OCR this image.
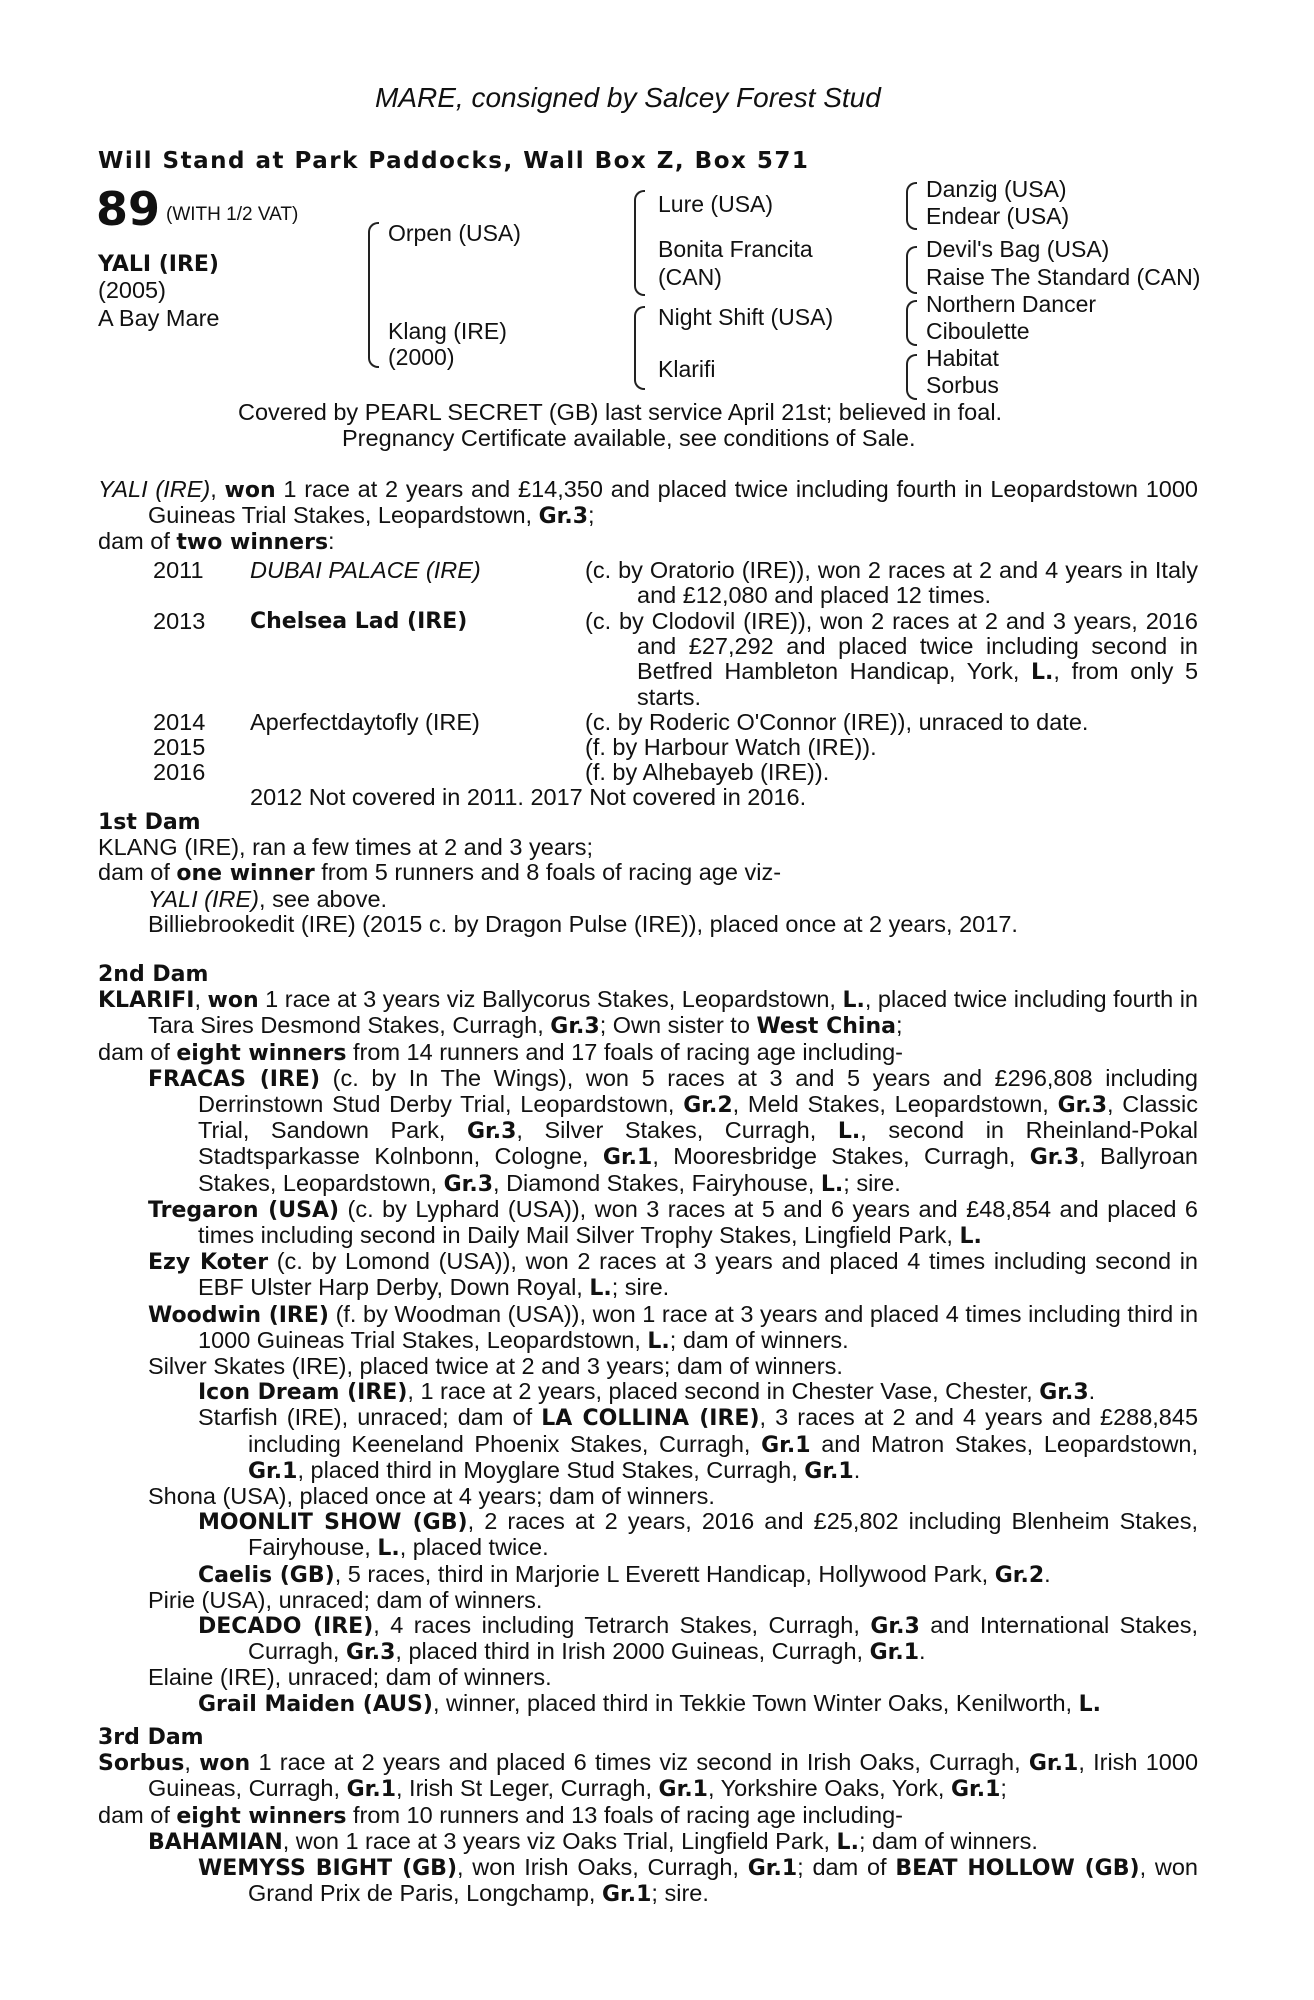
MARE, consigned by Salcey Forest Stud
Will Stand at Park Paddocks, Wall Box Z, Box 571
89 (WITH 1/2 VAT)
YALI (IRE)
(2005)
A Bay Mare
Orpen (USA)
Klang (IRE)
(2000)
Lure (USA)
Bonita Francita
(CAN)
Night Shift (USA)
Klarifi
Danzig (USA)
Endear (USA)
Devil's Bag (USA)
Raise The Standard (CAN)
Northern Dancer
Ciboulette
Habitat
Sorbus
Covered by PEARL SECRET (GB) last service April 21st; believed in foal.
Pregnancy Certificate available, see conditions of Sale.

YALI (IRE), won 1 race at 2 years and £14,350 and placed twice including fourth in Leopardstown 1000 Guineas Trial Stakes, Leopardstown, Gr.3;

dam of two winners:

2011 DUBAI PALACE (IRE)	(c. by Oratorio (IRE)), won 2 races at 2 and 4 years in Italy and £12,080 and placed 12 times.
2013 Chelsea Lad (IRE)	(c. by Clodovil (IRE)), won 2 races at 2 and 3 years, 2016 and £27,292 and placed twice including second in Betfred Hambleton Handicap, York, L., from only 5 starts.
2014 Aperfectdaytofly (IRE)	(c. by Roderic O'Connor (IRE)), unraced to date.
2015	(f. by Harbour Watch (IRE)).
2016	(f. by Alhebayeb (IRE)).
2012 Not covered in 2011. 2017 Not covered in 2016.

1st Dam

KLANG (IRE), ran a few times at 2 and 3 years;

dam of one winner from 5 runners and 8 foals of racing age viz-

YALI (IRE), see above.

Billiebrookedit (IRE) (2015 c. by Dragon Pulse (IRE)), placed once at 2 years, 2017.

2nd Dam

KLARIFI, won 1 race at 3 years viz Ballycorus Stakes, Leopardstown, L., placed twice including fourth in Tara Sires Desmond Stakes, Curragh, Gr.3; Own sister to West China;

dam of eight winners from 14 runners and 17 foals of racing age including-

FRACAS (IRE) (c. by In The Wings), won 5 races at 3 and 5 years and £296,808 including Derrinstown Stud Derby Trial, Leopardstown, Gr.2, Meld Stakes, Leopardstown, Gr.3, Classic Trial, Sandown Park, Gr.3, Silver Stakes, Curragh, L., second in Rheinland-Pokal Stadtsparkasse Kolnbonn, Cologne, Gr.1, Mooresbridge Stakes, Curragh, Gr.3, Ballyroan Stakes, Leopardstown, Gr.3, Diamond Stakes, Fairyhouse, L.; sire.

Tregaron (USA) (c. by Lyphard (USA)), won 3 races at 5 and 6 years and £48,854 and placed 6 times including second in Daily Mail Silver Trophy Stakes, Lingfield Park, L.

Ezy Koter (c. by Lomond (USA)), won 2 races at 3 years and placed 4 times including second in EBF Ulster Harp Derby, Down Royal, L.; sire.

Woodwin (IRE) (f. by Woodman (USA)), won 1 race at 3 years and placed 4 times including third in 1000 Guineas Trial Stakes, Leopardstown, L.; dam of winners.

Silver Skates (IRE), placed twice at 2 and 3 years; dam of winners.

Icon Dream (IRE), 1 race at 2 years, placed second in Chester Vase, Chester, Gr.3.

Starfish (IRE), unraced; dam of LA COLLINA (IRE), 3 races at 2 and 4 years and £288,845 including Keeneland Phoenix Stakes, Curragh, Gr.1 and Matron Stakes, Leopardstown, Gr.1, placed third in Moyglare Stud Stakes, Curragh, Gr.1.

Shona (USA), placed once at 4 years; dam of winners.

MOONLIT SHOW (GB), 2 races at 2 years, 2016 and £25,802 including Blenheim Stakes, Fairyhouse, L., placed twice.

Caelis (GB), 5 races, third in Marjorie L Everett Handicap, Hollywood Park, Gr.2.

Pirie (USA), unraced; dam of winners.

DECADO (IRE), 4 races including Tetrarch Stakes, Curragh, Gr.3 and International Stakes, Curragh, Gr.3, placed third in Irish 2000 Guineas, Curragh, Gr.1.

Elaine (IRE), unraced; dam of winners.

Grail Maiden (AUS), winner, placed third in Tekkie Town Winter Oaks, Kenilworth, L.

3rd Dam

Sorbus, won 1 race at 2 years and placed 6 times viz second in Irish Oaks, Curragh, Gr.1, Irish 1000 Guineas, Curragh, Gr.1, Irish St Leger, Curragh, Gr.1, Yorkshire Oaks, York, Gr.1;

dam of eight winners from 10 runners and 13 foals of racing age including-

BAHAMIAN, won 1 race at 3 years viz Oaks Trial, Lingfield Park, L.; dam of winners.

WEMYSS BIGHT (GB), won Irish Oaks, Curragh, Gr.1; dam of BEAT HOLLOW (GB), won Grand Prix de Paris, Longchamp, Gr.1; sire.
